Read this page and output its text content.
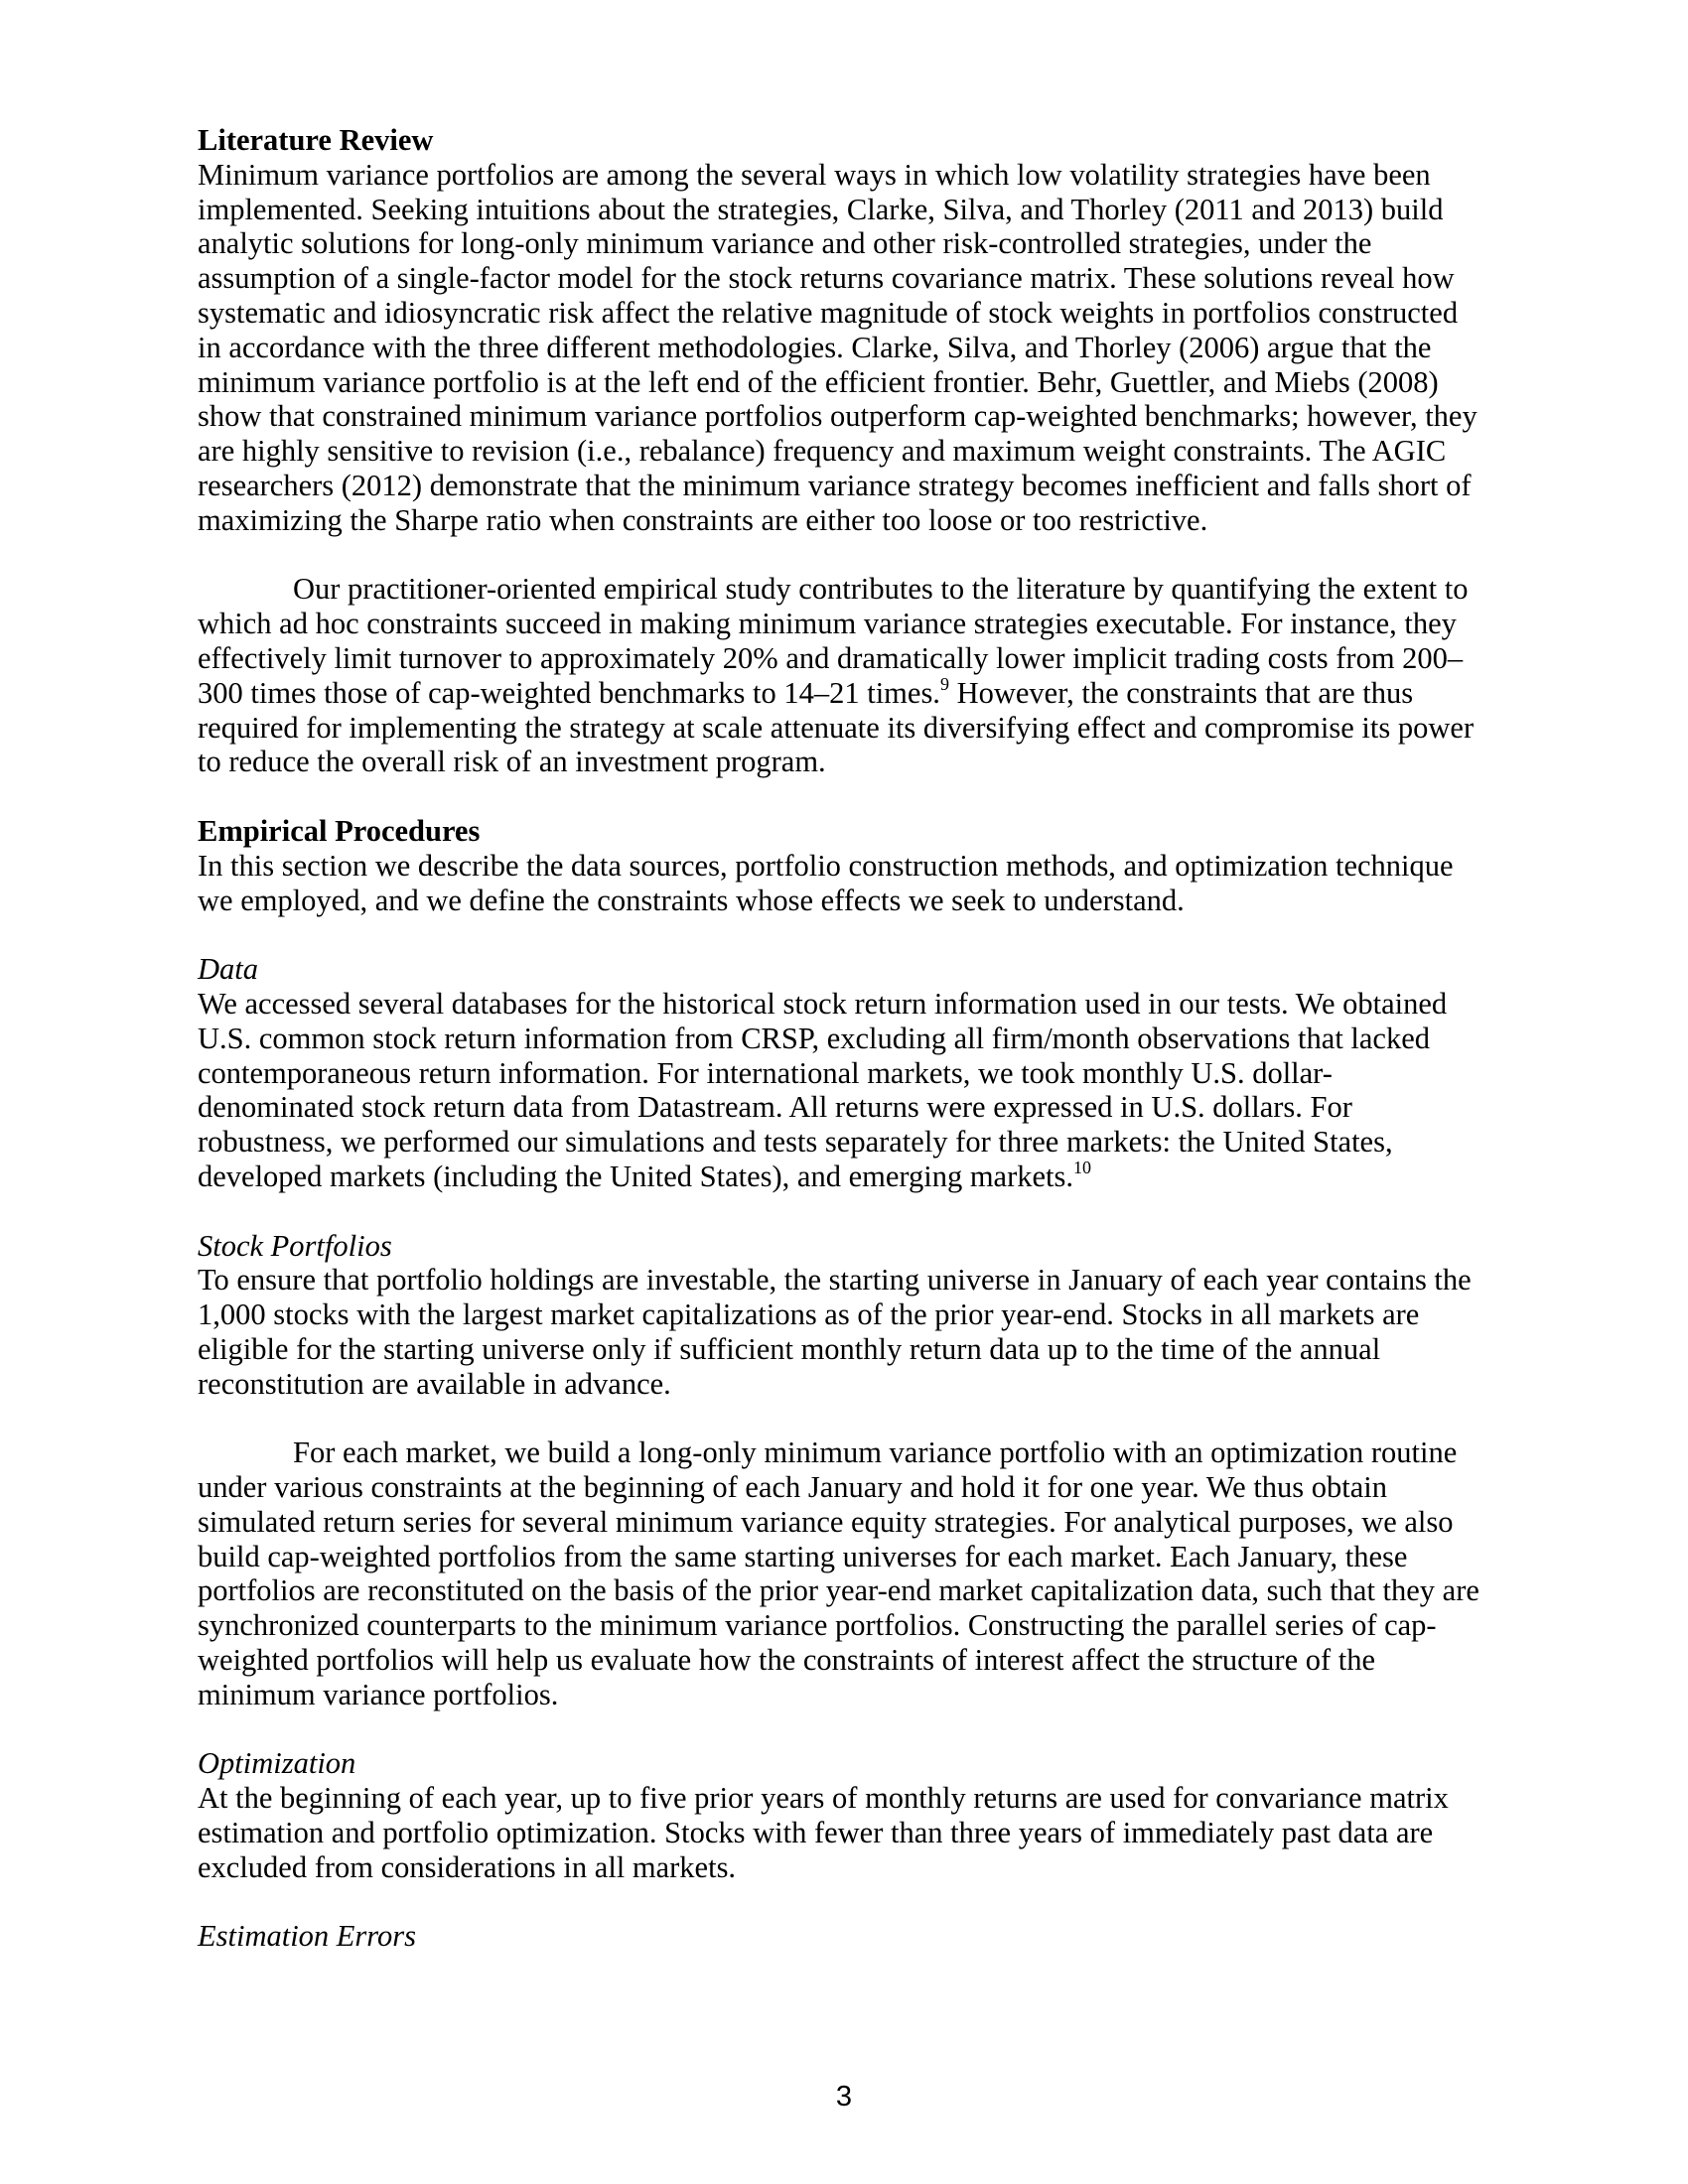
Literature Review
Minimum variance portfolios are among the several ways in which low volatility strategies have been
implemented. Seeking intuitions about the strategies, Clarke, Silva, and Thorley (2011 and 2013) build
analytic solutions for long-only minimum variance and other risk-controlled strategies, under the
assumption of a single-factor model for the stock returns covariance matrix. These solutions reveal how
systematic and idiosyncratic risk affect the relative magnitude of stock weights in portfolios constructed
in accordance with the three different methodologies. Clarke, Silva, and Thorley (2006) argue that the
minimum variance portfolio is at the left end of the efficient frontier. Behr, Guettler, and Miebs (2008)
show that constrained minimum variance portfolios outperform cap-weighted benchmarks; however, they
are highly sensitive to revision (i.e., rebalance) frequency and maximum weight constraints. The AGIC
researchers (2012) demonstrate that the minimum variance strategy becomes inefficient and falls short of
maximizing the Sharpe ratio when constraints are either too loose or too restrictive.
Our practitioner-oriented empirical study contributes to the literature by quantifying the extent to
which ad hoc constraints succeed in making minimum variance strategies executable. For instance, they
effectively limit turnover to approximately 20% and dramatically lower implicit trading costs from 200–
300 times those of cap-weighted benchmarks to 14–21 times.$^9$ However, the constraints that are thus
required for implementing the strategy at scale attenuate its diversifying effect and compromise its power
to reduce the overall risk of an investment program.
Empirical Procedures
In this section we describe the data sources, portfolio construction methods, and optimization technique
we employed, and we define the constraints whose effects we seek to understand.
Data
We accessed several databases for the historical stock return information used in our tests. We obtained
U.S. common stock return information from CRSP, excluding all firm/month observations that lacked
contemporaneous return information. For international markets, we took monthly U.S. dollar-
denominated stock return data from Datastream. All returns were expressed in U.S. dollars. For
robustness, we performed our simulations and tests separately for three markets: the United States,
developed markets (including the United States), and emerging markets.$^{10}$
Stock Portfolios
To ensure that portfolio holdings are investable, the starting universe in January of each year contains the
1,000 stocks with the largest market capitalizations as of the prior year-end. Stocks in all markets are
eligible for the starting universe only if sufficient monthly return data up to the time of the annual
reconstitution are available in advance.
For each market, we build a long-only minimum variance portfolio with an optimization routine
under various constraints at the beginning of each January and hold it for one year. We thus obtain
simulated return series for several minimum variance equity strategies. For analytical purposes, we also
build cap-weighted portfolios from the same starting universes for each market. Each January, these
portfolios are reconstituted on the basis of the prior year-end market capitalization data, such that they are
synchronized counterparts to the minimum variance portfolios. Constructing the parallel series of cap-
weighted portfolios will help us evaluate how the constraints of interest affect the structure of the
minimum variance portfolios.
Optimization
At the beginning of each year, up to five prior years of monthly returns are used for convariance matrix
estimation and portfolio optimization. Stocks with fewer than three years of immediately past data are
excluded from considerations in all markets.
Estimation Errors
3
